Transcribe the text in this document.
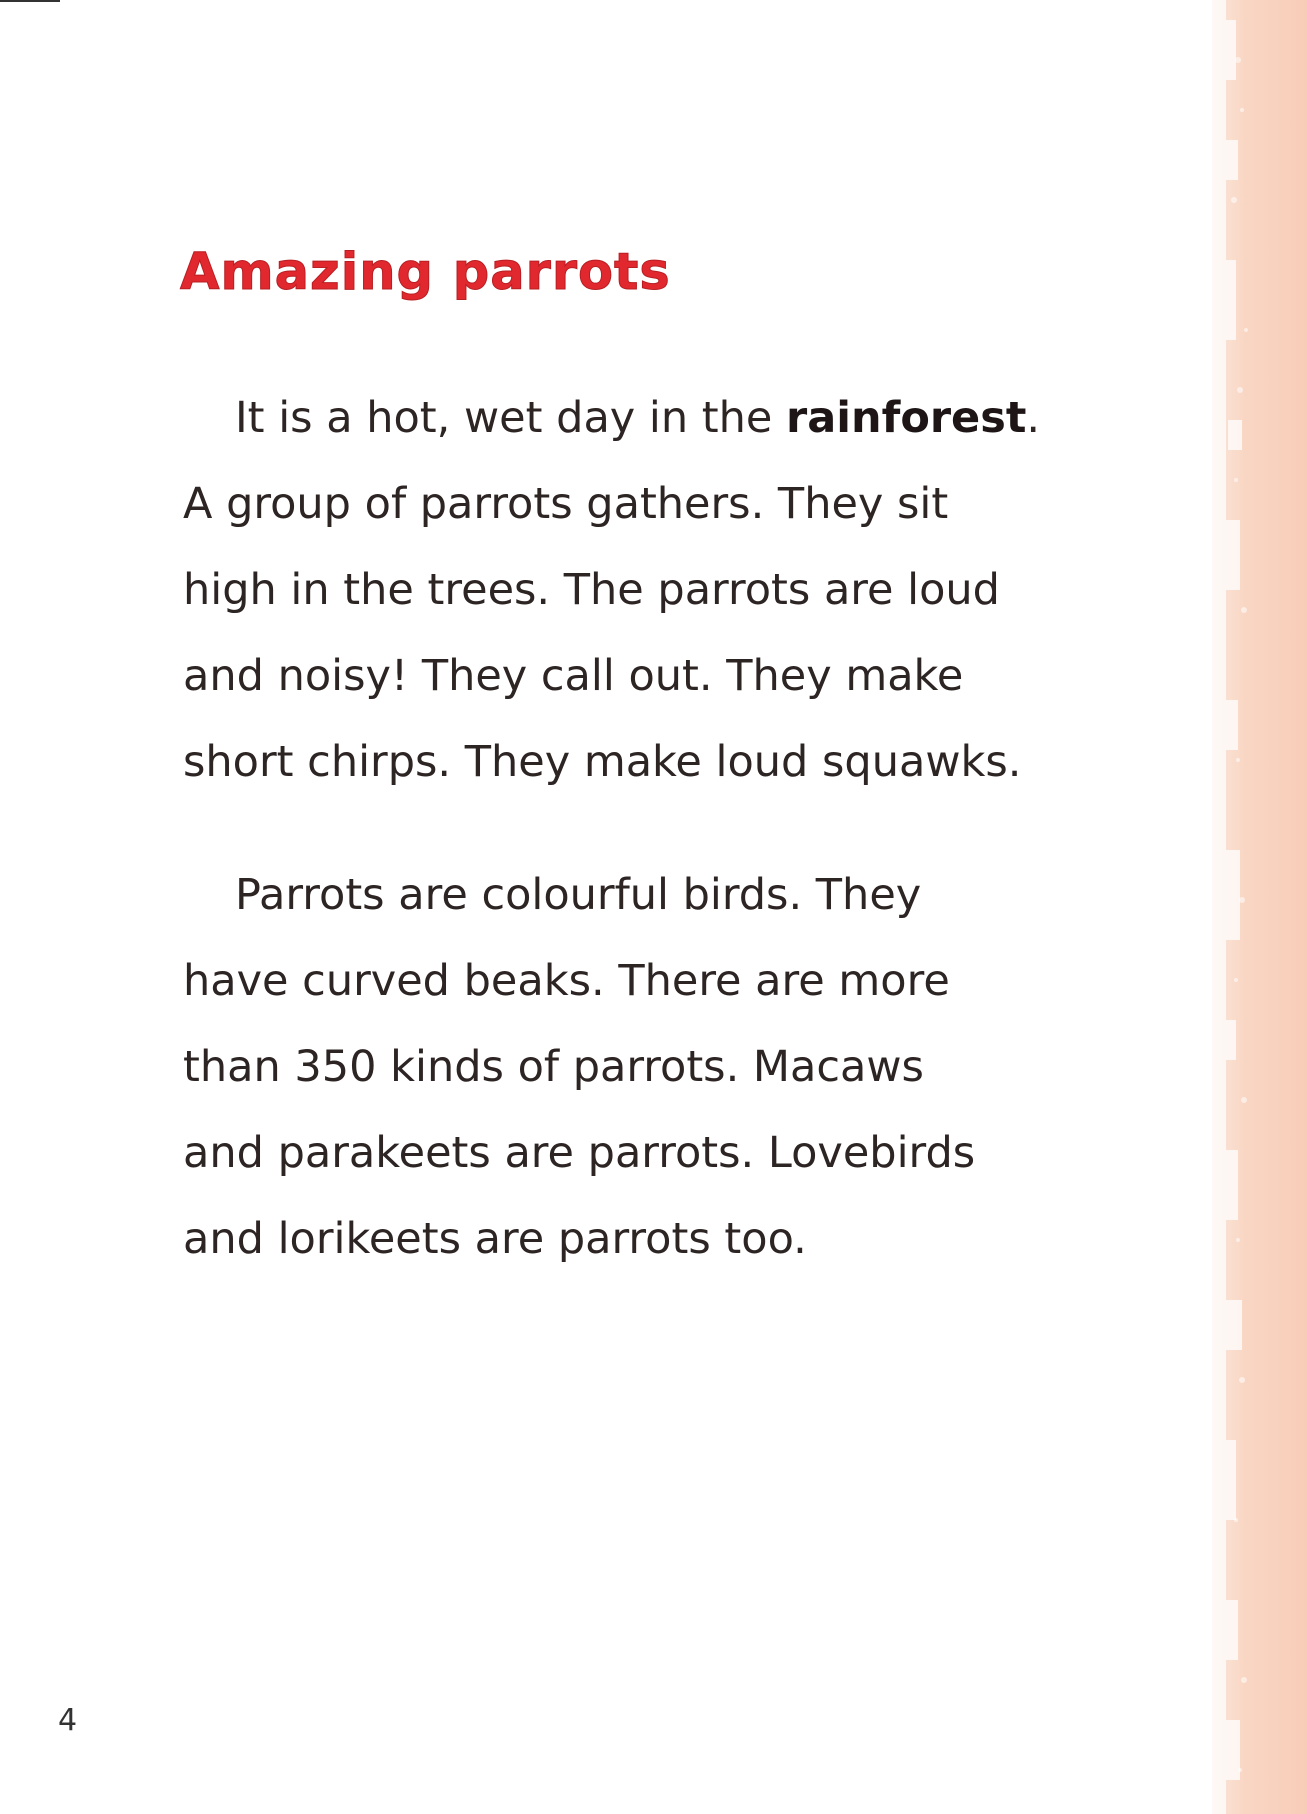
Amazing parrots

It is a hot, wet day in the rainforest.
A group of parrots gathers. They sit
high in the trees. The parrots are loud
and noisy! They call out. They make
short chirps. They make loud squawks.

Parrots are colourful birds. They
have curved beaks. There are more
than 350 kinds of parrots. Macaws
and parakeets are parrots. Lovebirds
and lorikeets are parrots too.

4
